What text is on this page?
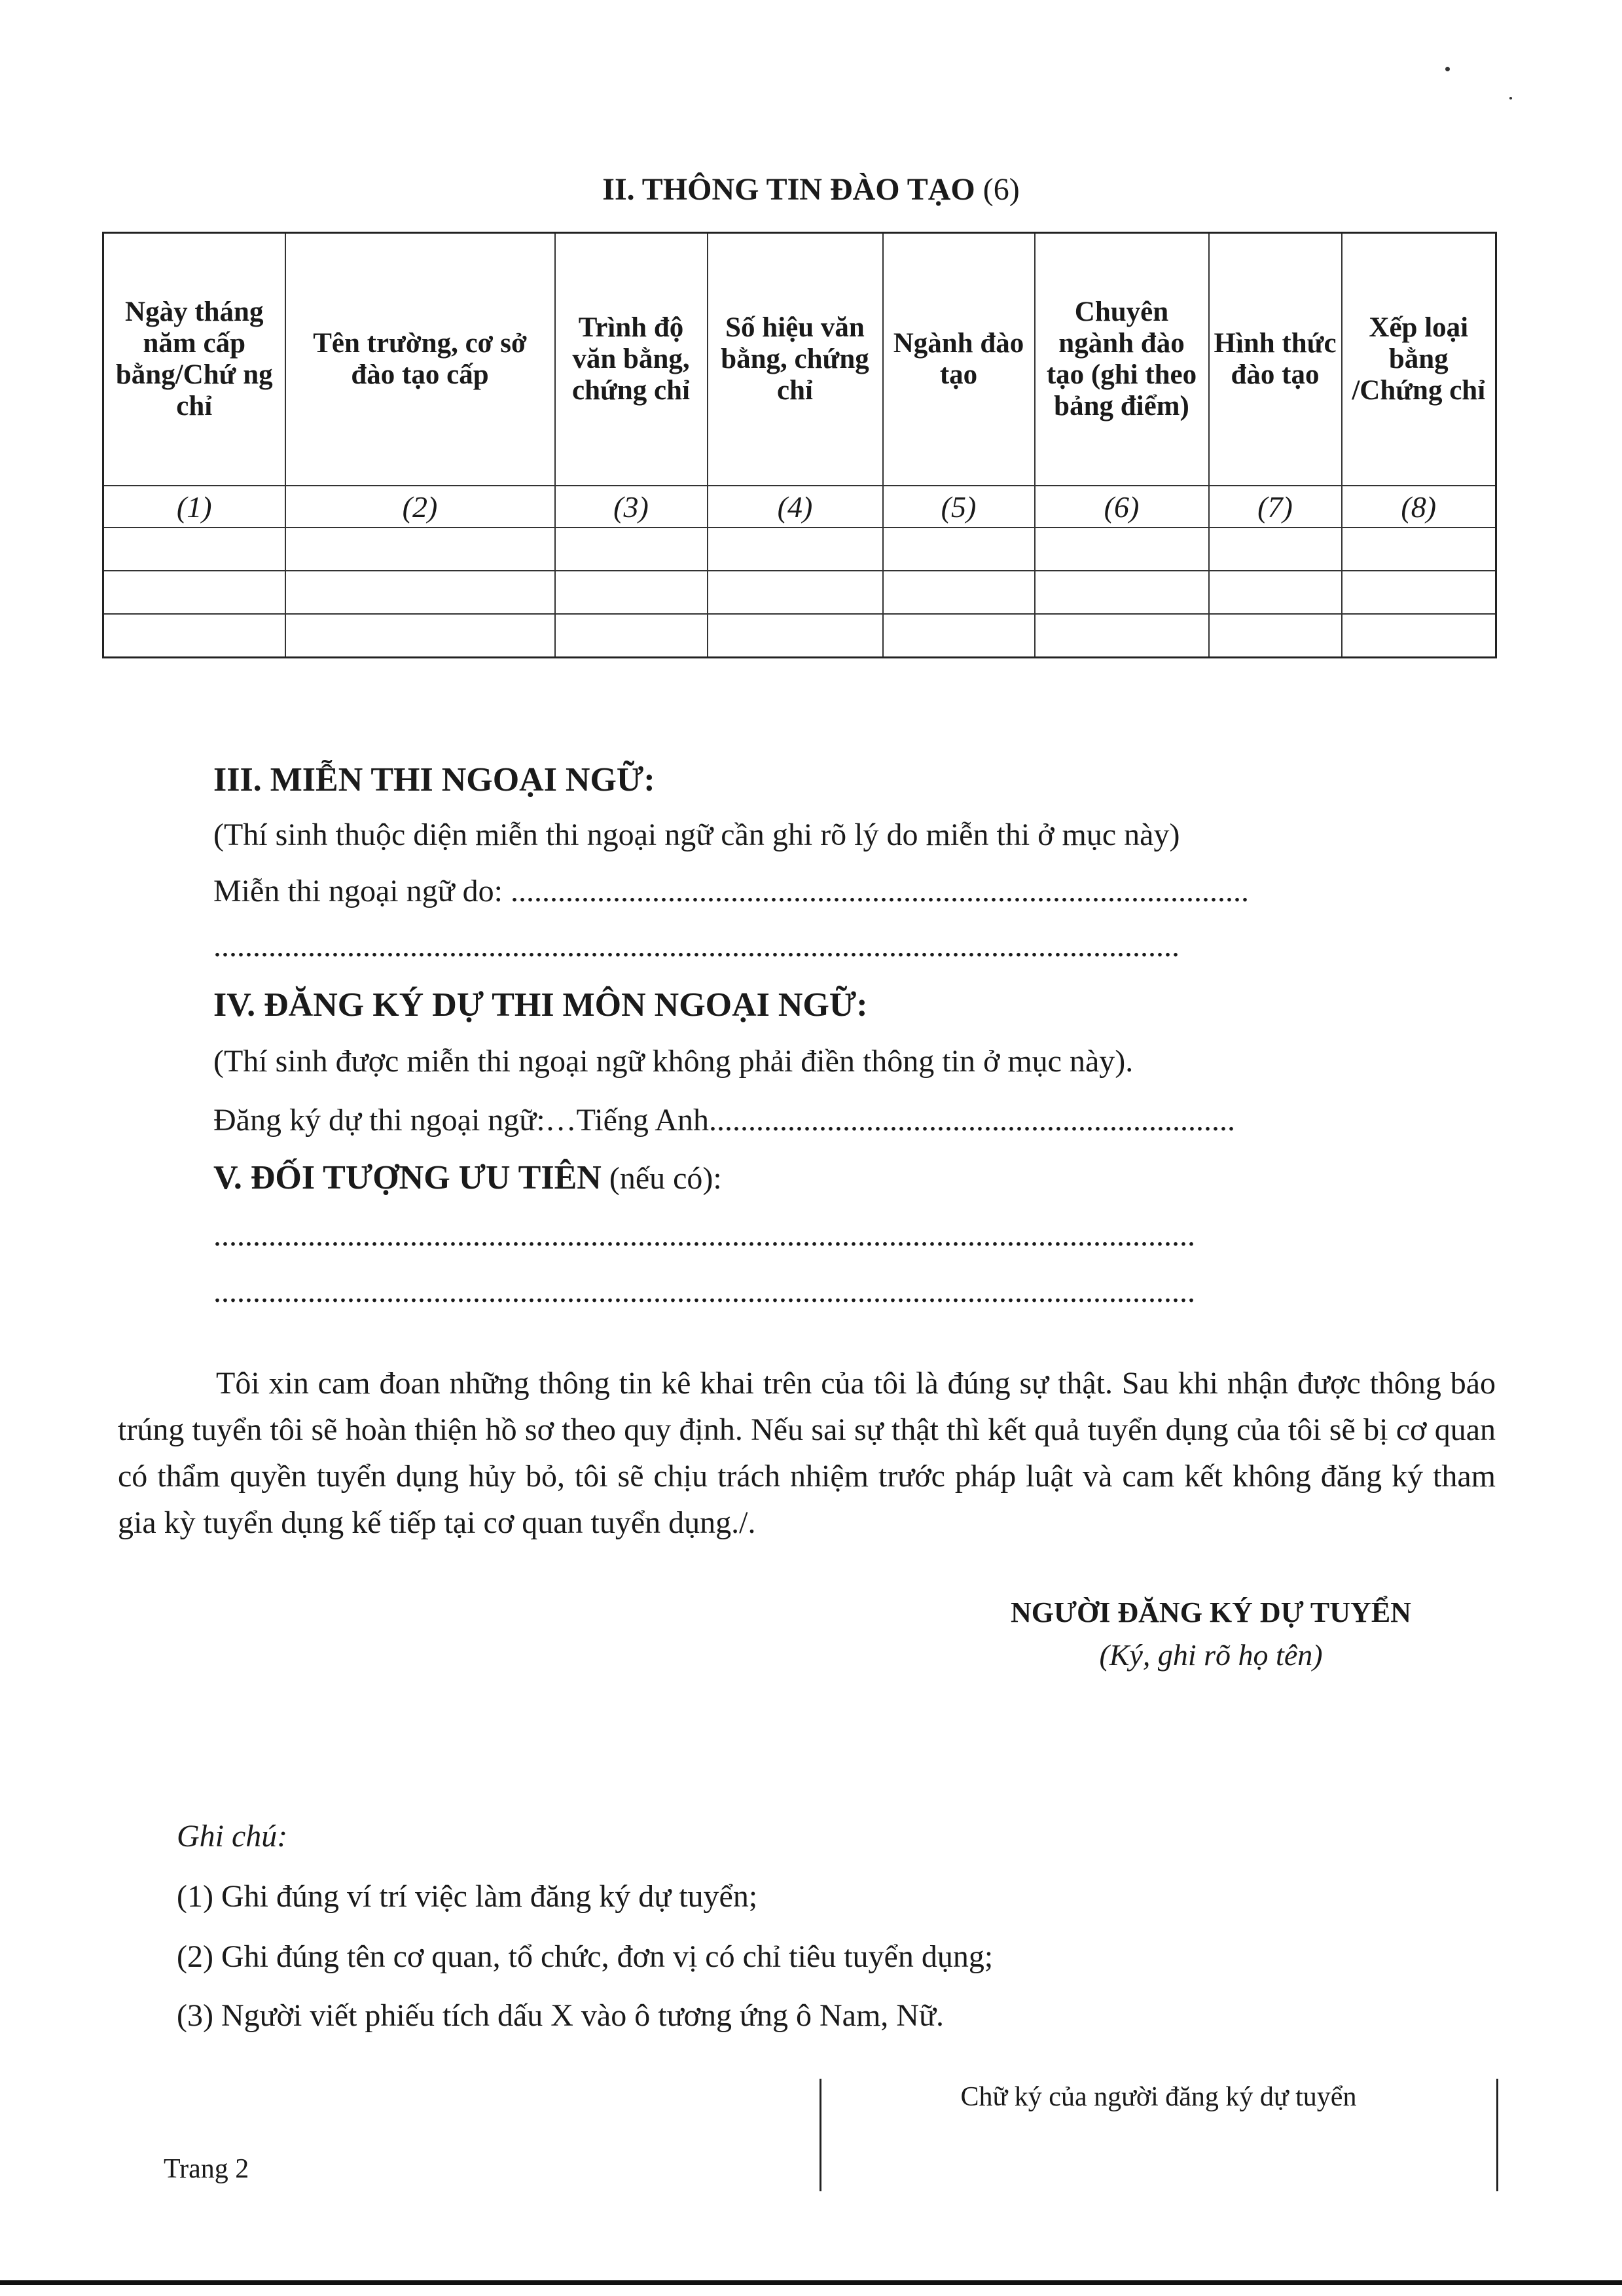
II. THÔNG TIN ĐÀO TẠO (6)
Ngày tháng năm cấp bằng/Chứ ng chỉ	Tên trường, cơ sở đào tạo cấp	Trình độ văn bằng, chứng chỉ	Số hiệu văn bằng, chứng chỉ	Ngành đào tạo	Chuyên ngành đào tạo (ghi theo bảng điểm)	Hình thức đào tạo	Xếp loại bằng /Chứng chỉ
(1)	(2)	(3)	(4)	(5)	(6)	(7)	(8)

III. MIỄN THI NGOẠI NGỮ:
(Thí sinh thuộc diện miễn thi ngoại ngữ cần ghi rõ lý do miễn thi ở mục này)
Miễn thi ngoại ngữ do: ..............................................................................................
...........................................................................................................................
IV. ĐĂNG KÝ DỰ THI MÔN NGOẠI NGỮ:
(Thí sinh được miễn thi ngoại ngữ không phải điền thông tin ở mục này).
Đăng ký dự thi ngoại ngữ:…Tiếng Anh...................................................................
V. ĐỐI TƯỢNG ƯU TIÊN (nếu có):
.............................................................................................................................
.............................................................................................................................
Tôi xin cam đoan những thông tin kê khai trên của tôi là đúng sự thật. Sau khi nhận được thông báo trúng tuyển tôi sẽ hoàn thiện hồ sơ theo quy định. Nếu sai sự thật thì kết quả tuyển dụng của tôi sẽ bị cơ quan có thẩm quyền tuyển dụng hủy bỏ, tôi sẽ chịu trách nhiệm trước pháp luật và cam kết không đăng ký tham gia kỳ tuyển dụng kế tiếp tại cơ quan tuyển dụng./.
NGƯỜI ĐĂNG KÝ DỰ TUYỂN
(Ký, ghi rõ họ tên)
Ghi chú:
(1) Ghi đúng ví trí việc làm đăng ký dự tuyển;
(2) Ghi đúng tên cơ quan, tổ chức, đơn vị có chỉ tiêu tuyển dụng;
(3) Người viết phiếu tích dấu X vào ô tương ứng ô Nam, Nữ.
Chữ ký của người đăng ký dự tuyển
Trang 2
